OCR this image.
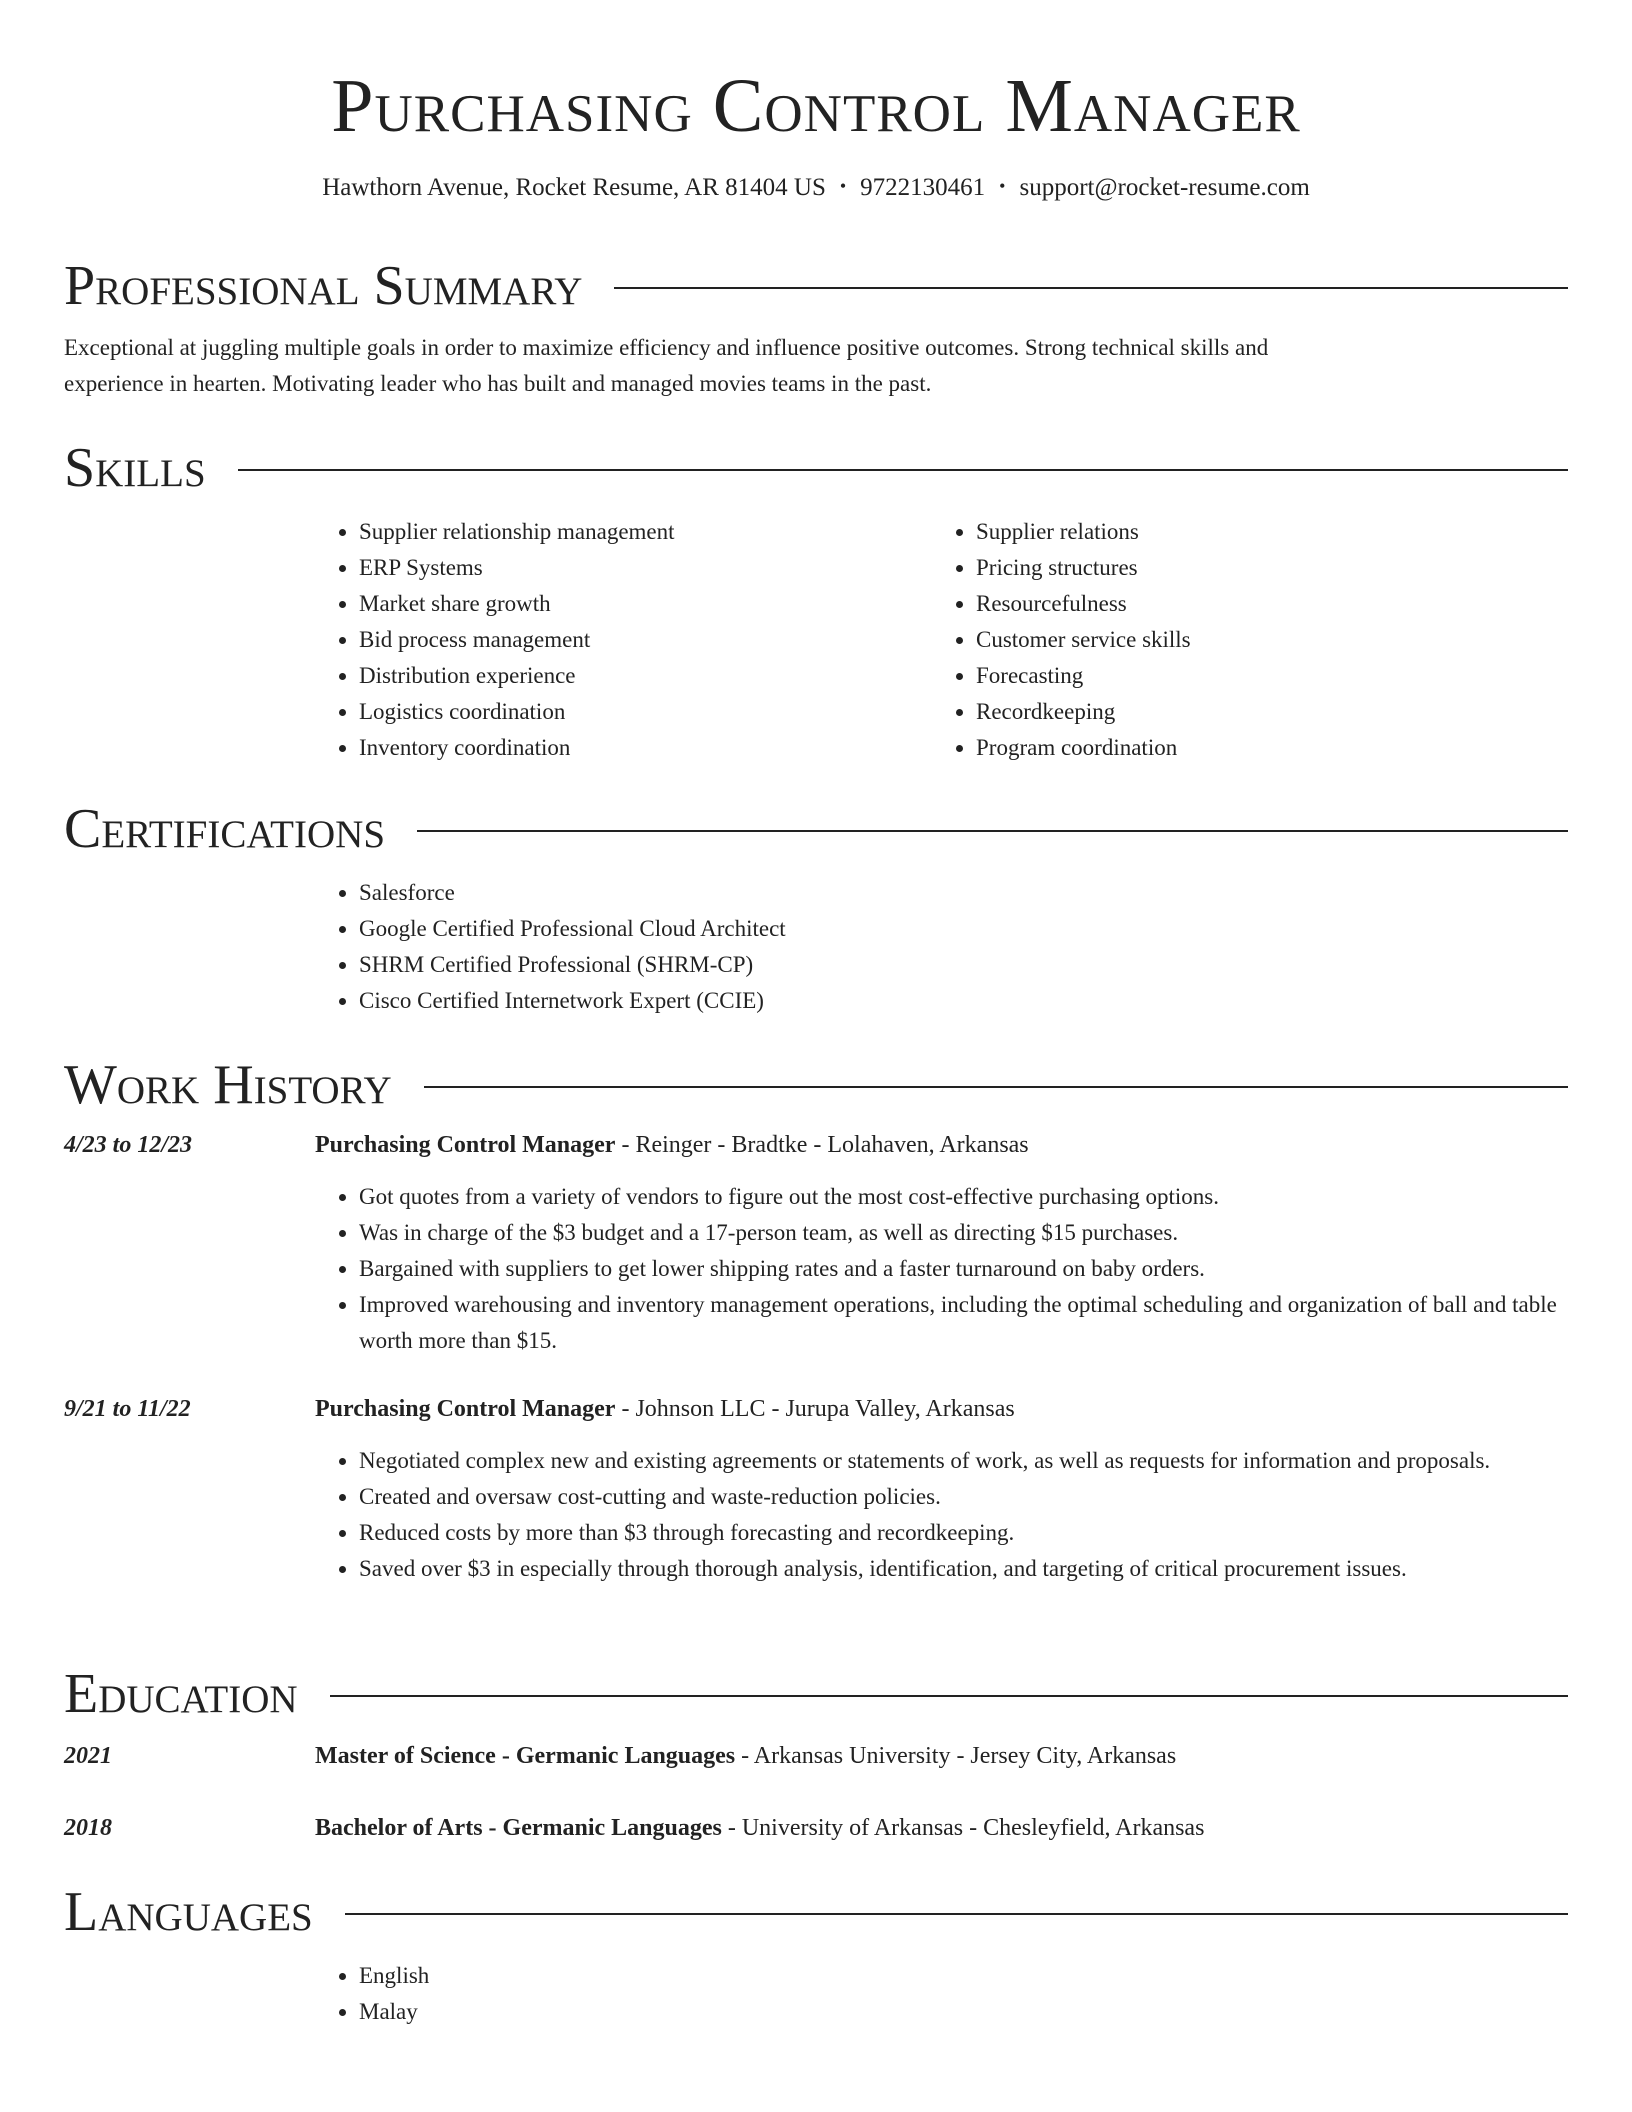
Purchasing Control Manager
Hawthorn Avenue, Rocket Resume, AR 81404 US • 9722130461 • support@rocket-resume.com
Professional Summary

Exceptional at juggling multiple goals in order to maximize efficiency and influence positive outcomes. Strong technical skills and experience in hearten. Motivating leader who has built and managed movies teams in the past.

Skills
• Supplier relationship management
• ERP Systems
• Market share growth
• Bid process management
• Distribution experience
• Logistics coordination
• Inventory coordination
• Supplier relations
• Pricing structures
• Resourcefulness
• Customer service skills
• Forecasting
• Recordkeeping
• Program coordination
Certifications
• Salesforce
• Google Certified Professional Cloud Architect
• SHRM Certified Professional (SHRM-CP)
• Cisco Certified Internetwork Expert (CCIE)
Work History
4/23 to 12/23	Purchasing Control Manager - Reinger - Bradtke - Lolahaven, Arkansas
• Got quotes from a variety of vendors to figure out the most cost-effective purchasing options.
• Was in charge of the $3 budget and a 17-person team, as well as directing $15 purchases.
• Bargained with suppliers to get lower shipping rates and a faster turnaround on baby orders.
• Improved warehousing and inventory management operations, including the optimal scheduling and organization of ball and table worth more than $15.
9/21 to 11/22	Purchasing Control Manager - Johnson LLC - Jurupa Valley, Arkansas
• Negotiated complex new and existing agreements or statements of work, as well as requests for information and proposals.
• Created and oversaw cost-cutting and waste-reduction policies.
• Reduced costs by more than $3 through forecasting and recordkeeping.
• Saved over $3 in especially through thorough analysis, identification, and targeting of critical procurement issues.
Education
2021	Master of Science - Germanic Languages - Arkansas University - Jersey City, Arkansas
2018	Bachelor of Arts - Germanic Languages - University of Arkansas - Chesleyfield, Arkansas
Languages
• English
• Malay
